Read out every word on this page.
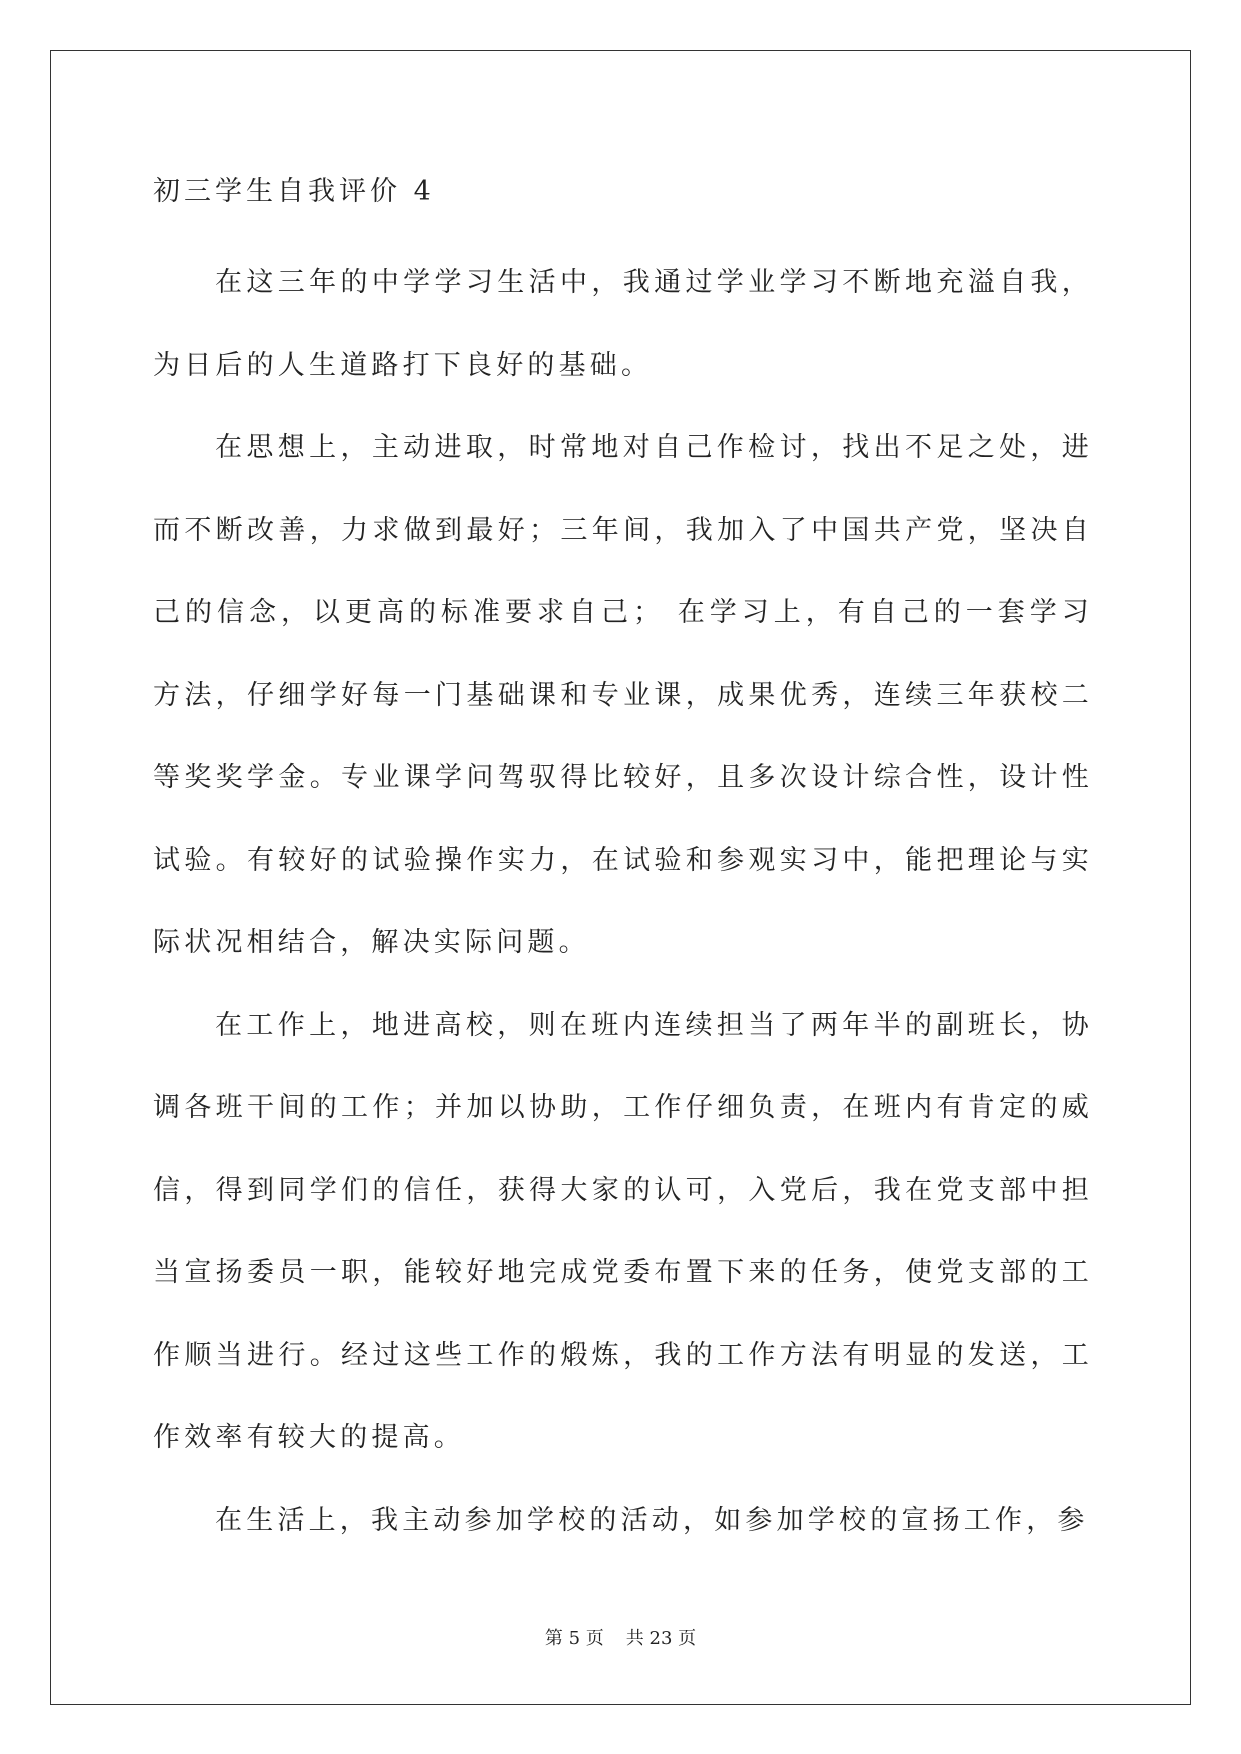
初三学生自我评价 4

在这三年的中学学习生活中，我通过学业学习不断地充溢自我，为日后的人生道路打下良好的基础。

在思想上，主动进取，时常地对自己作检讨，找出不足之处，进而不断改善，力求做到最好；三年间，我加入了中国共产党，坚决自己的信念，以更高的标准要求自己； 在学习上，有自己的一套学习方法，仔细学好每一门基础课和专业课，成果优秀，连续三年获校二等奖奖学金。专业课学问驾驭得比较好，且多次设计综合性，设计性试验。有较好的试验操作实力，在试验和参观实习中，能把理论与实际状况相结合，解决实际问题。

在工作上，地进高校，则在班内连续担当了两年半的副班长，协调各班干间的工作；并加以协助，工作仔细负责，在班内有肯定的威信，得到同学们的信任，获得大家的认可，入党后，我在党支部中担当宣扬委员一职，能较好地完成党委布置下来的任务，使党支部的工作顺当进行。经过这些工作的煅炼，我的工作方法有明显的发送，工作效率有较大的提高。

在生活上，我主动参加学校的活动，如参加学校的宣扬工作，参

第 5 页 共 23 页
